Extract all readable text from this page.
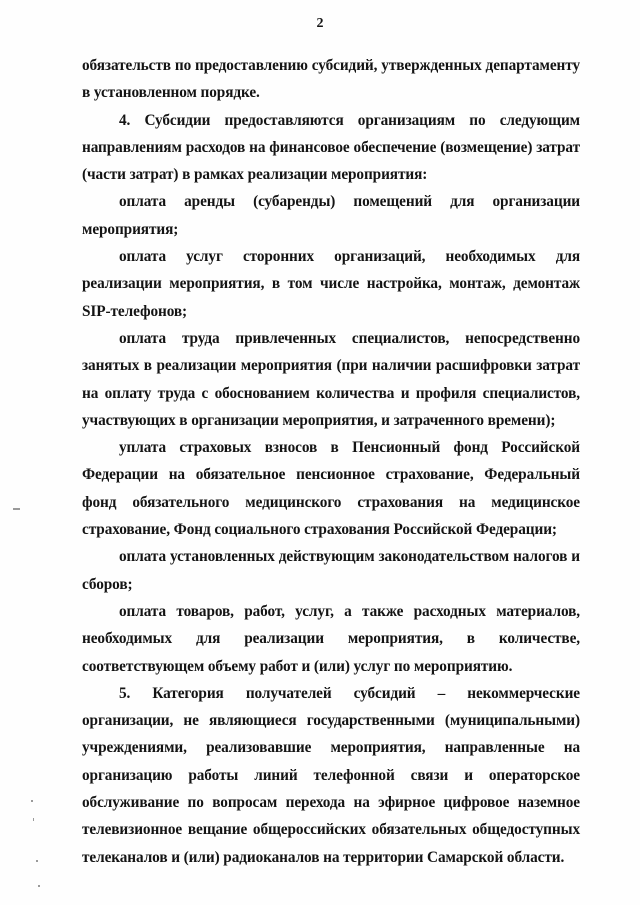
2

обязательств по предоставлению субсидий, утвержденных департаменту в установленном порядке.

4. Субсидии предоставляются организациям по следующим направлениям расходов на финансовое обеспечение (возмещение) затрат (части затрат) в рамках реализации мероприятия:

оплата аренды (субаренды) помещений для организации мероприятия;

оплата услуг сторонних организаций, необходимых для реализации мероприятия, в том числе настройка, монтаж, демонтаж SIP-телефонов;

оплата труда привлеченных специалистов, непосредственно занятых в реализации мероприятия (при наличии расшифровки затрат на оплату труда с обоснованием количества и профиля специалистов, участвующих в организации мероприятия, и затраченного времени);

уплата страховых взносов в Пенсионный фонд Российской Федерации на обязательное пенсионное страхование, Федеральный фонд обязательного медицинского страхования на медицинское страхование, Фонд социального страхования Российской Федерации;

оплата установленных действующим законодательством налогов и сборов;

оплата товаров, работ, услуг, а также расходных материалов, необходимых для реализации мероприятия, в количестве, соответствующем объему работ и (или) услуг по мероприятию.

5. Категория получателей субсидий – некоммерческие организации, не являющиеся государственными (муниципальными) учреждениями, реализовавшие мероприятия, направленные на организацию работы линий телефонной связи и операторское обслуживание по вопросам перехода на эфирное цифровое наземное телевизионное вещание общероссийских обязательных общедоступных телеканалов и (или) радиоканалов на территории Самарской области.
